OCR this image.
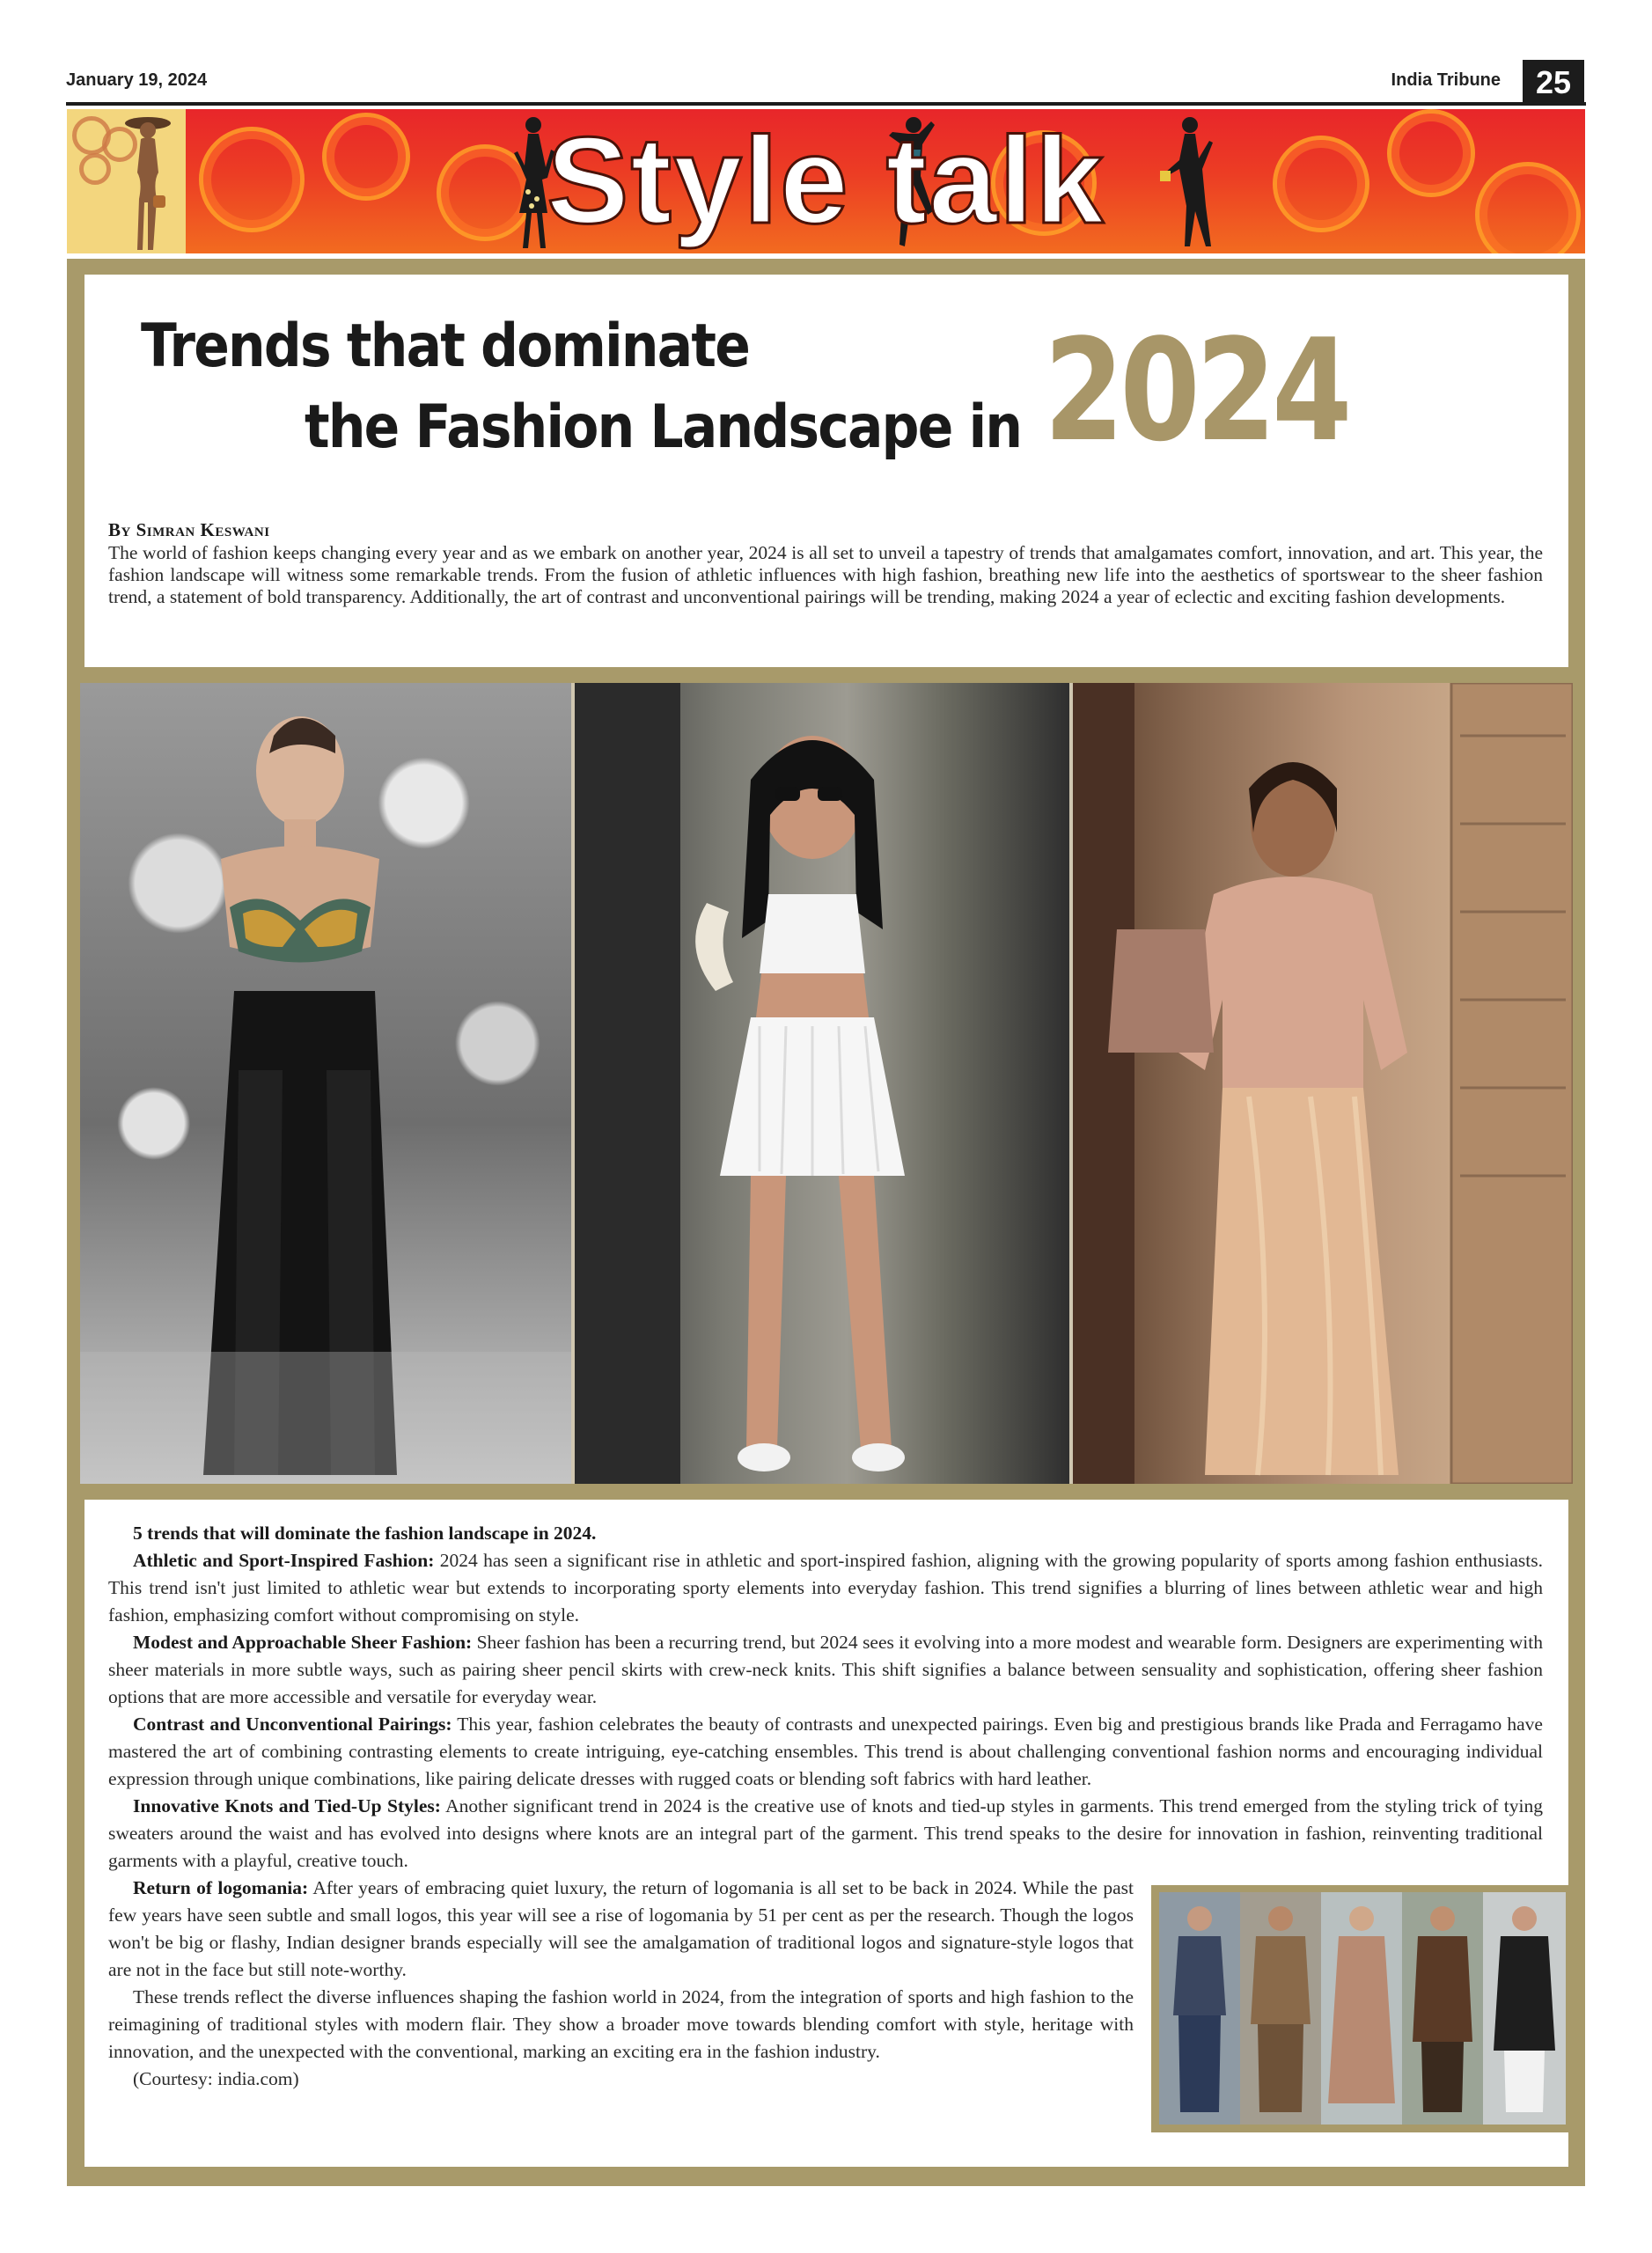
January 19, 2024	India Tribune	25
Style talk
Trends that dominate
the Fashion Landscape in 2024
By Simran Keswani
The world of fashion keeps changing every year and as we embark on another year, 2024 is all set to unveil a tapestry of trends that amalgamates comfort, innovation, and art. This year, the fashion landscape will witness some remarkable trends. From the fusion of athletic influences with high fashion, breathing new life into the aesthetics of sportswear to the sheer fashion trend, a statement of bold transparency. Additionally, the art of contrast and unconventional pairings will be trending, making 2024 a year of eclectic and exciting fashion developments.

5 trends that will dominate the fashion landscape in 2024.

Athletic and Sport-Inspired Fashion: 2024 has seen a significant rise in athletic and sport-inspired fashion, aligning with the growing popularity of sports among fashion enthusiasts. This trend isn't just limited to athletic wear but extends to incorporating sporty elements into everyday fashion. This trend signifies a blurring of lines between athletic wear and high fashion, emphasizing comfort without compromising on style.

Modest and Approachable Sheer Fashion: Sheer fashion has been a recurring trend, but 2024 sees it evolving into a more modest and wearable form. Designers are experimenting with sheer materials in more subtle ways, such as pairing sheer pencil skirts with crew-neck knits. This shift signifies a balance between sensuality and sophistication, offering sheer fashion options that are more accessible and versatile for everyday wear.

Contrast and Unconventional Pairings: This year, fashion celebrates the beauty of contrasts and unexpected pairings. Even big and prestigious brands like Prada and Ferragamo have mastered the art of combining contrasting elements to create intriguing, eye-catching ensembles. This trend is about challenging conventional fashion norms and encouraging individual expression through unique combinations, like pairing delicate dresses with rugged coats or blending soft fabrics with hard leather.

Innovative Knots and Tied-Up Styles: Another significant trend in 2024 is the creative use of knots and tied-up styles in garments. This trend emerged from the styling trick of tying sweaters around the waist and has evolved into designs where knots are an integral part of the garment. This trend speaks to the desire for innovation in fashion, reinventing traditional garments with a playful, creative touch.

Return of logomania: After years of embracing quiet luxury, the return of logomania is all set to be back in 2024. While the past few years have seen subtle and small logos, this year will see a rise of logomania by 51 per cent as per the research. Though the logos won't be big or flashy, Indian designer brands especially will see the amalgamation of traditional logos and signature-style logos that are not in the face but still note-worthy.

These trends reflect the diverse influences shaping the fashion world in 2024, from the integration of sports and high fashion to the reimagining of traditional styles with modern flair. They show a broader move towards blending comfort with style, heritage with innovation, and the unexpected with the conventional, marking an exciting era in the fashion industry.

(Courtesy: india.com)
